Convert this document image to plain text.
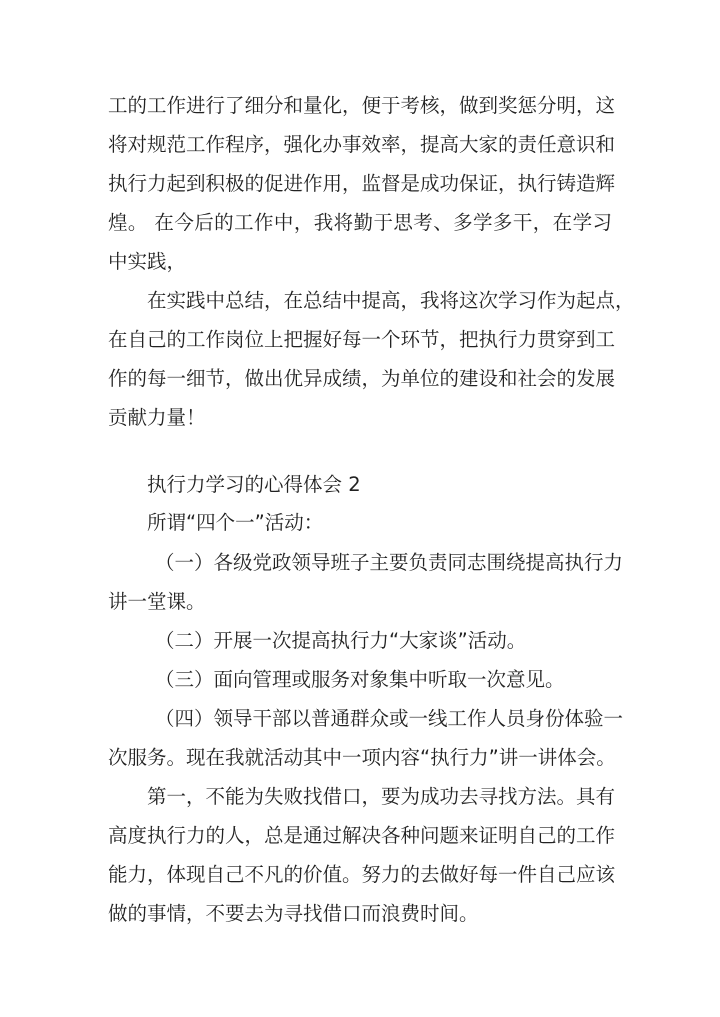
工的工作进行了细分和量化，便于考核，做到奖惩分明，这
将对规范工作程序，强化办事效率，提高大家的责任意识和
执行力起到积极的促进作用，监督是成功保证，执行铸造辉
煌。 在今后的工作中，我将勤于思考、多学多干，在学习
中实践，
在实践中总结，在总结中提高，我将这次学习作为起点，
在自己的工作岗位上把握好每一个环节，把执行力贯穿到工
作的每一细节，做出优异成绩，为单位的建设和社会的发展
贡献力量！
执行力学习的心得体会 2
所谓“四个一”活动：
（一）各级党政领导班子主要负责同志围绕提高执行力
讲一堂课。
（二）开展一次提高执行力“大家谈”活动。
（三）面向管理或服务对象集中听取一次意见。
（四）领导干部以普通群众或一线工作人员身份体验一
次服务。现在我就活动其中一项内容“执行力”讲一讲体会。
第一，不能为失败找借口，要为成功去寻找方法。具有
高度执行力的人，总是通过解决各种问题来证明自己的工作
能力，体现自己不凡的价值。努力的去做好每一件自己应该
做的事情，不要去为寻找借口而浪费时间。
